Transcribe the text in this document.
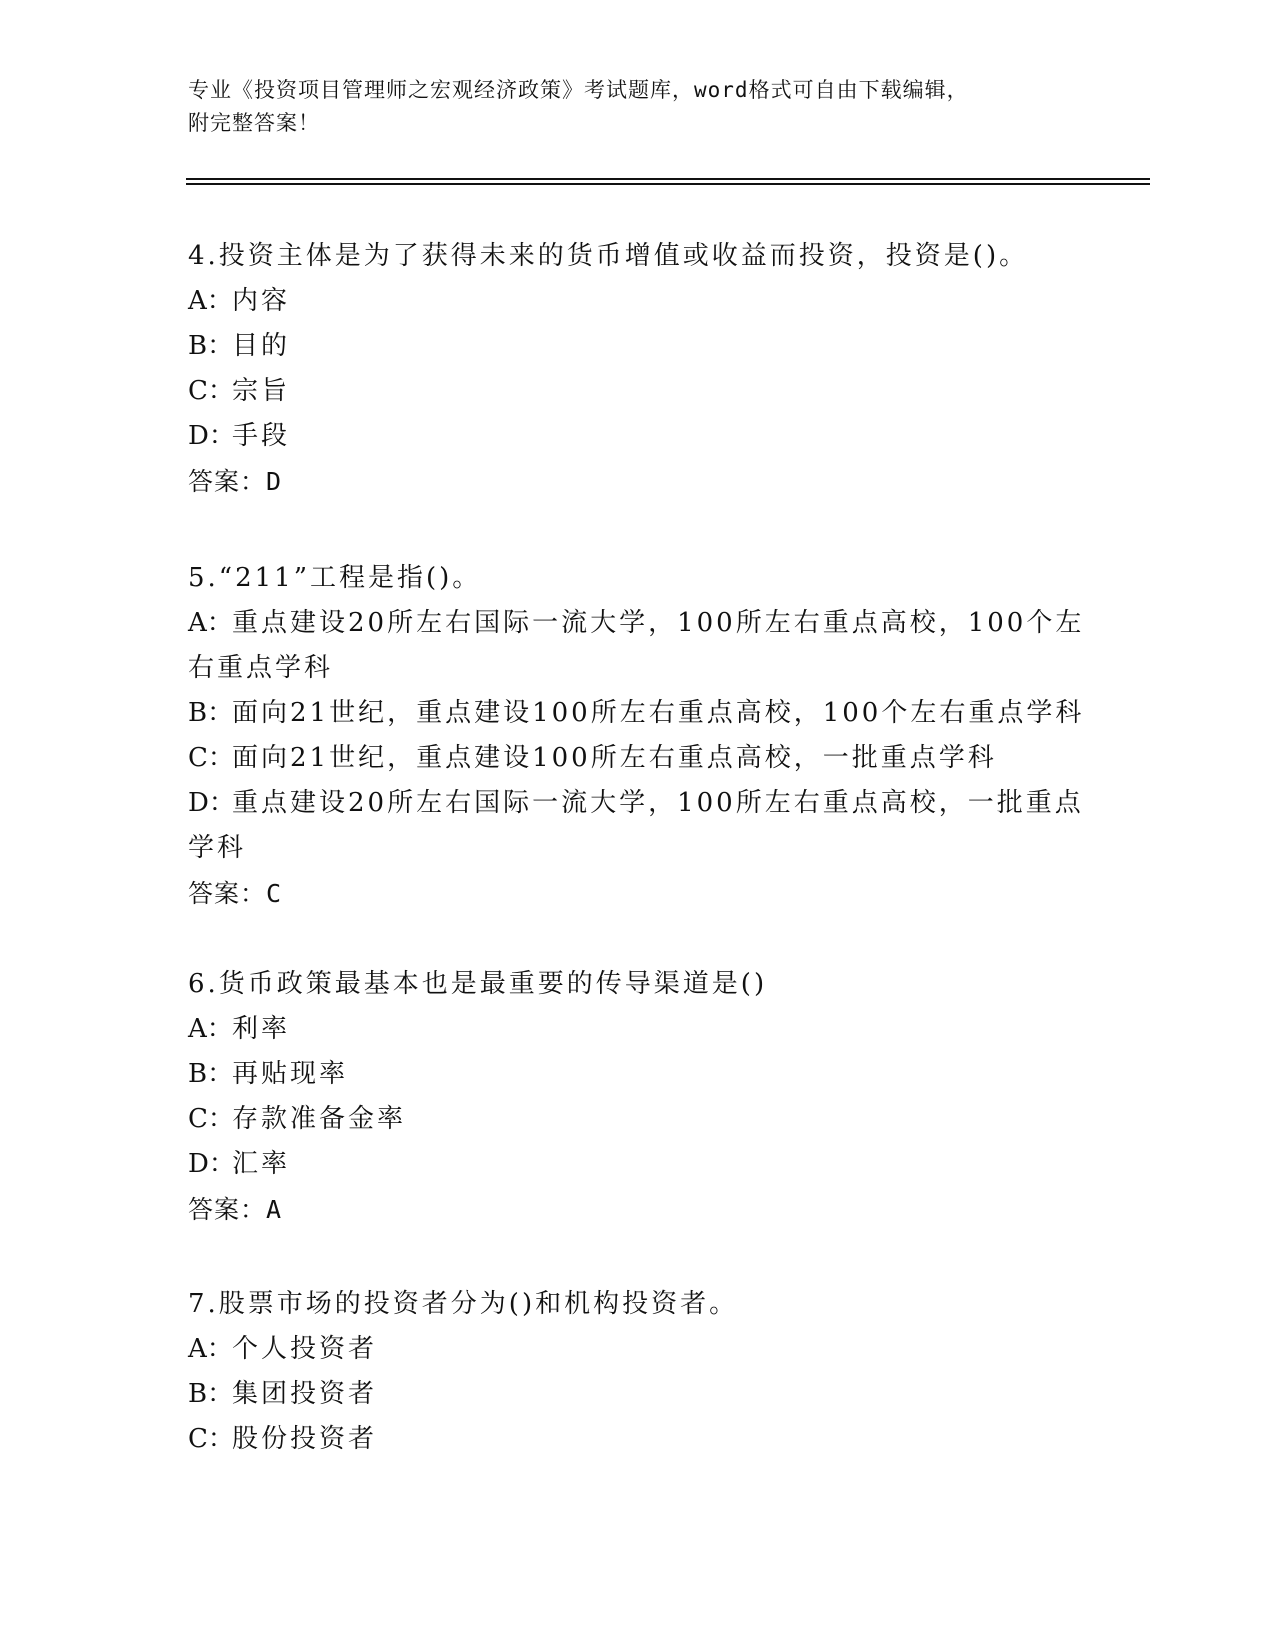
专业《投资项目管理师之宏观经济政策》考试题库，word格式可自由下载编辑，
附完整答案！
4.投资主体是为了获得未来的货币增值或收益而投资，投资是()。
A：内容
B：目的
C：宗旨
D：手段
答案：D
5.“211”工程是指()。
A：重点建设20所左右国际一流大学，100所左右重点高校，100个左右重点学科
B：面向21世纪，重点建设100所左右重点高校，100个左右重点学科
C：面向21世纪，重点建设100所左右重点高校，一批重点学科
D：重点建设20所左右国际一流大学，100所左右重点高校，一批重点学科
答案：C
6.货币政策最基本也是最重要的传导渠道是()
A：利率
B：再贴现率
C：存款准备金率
D：汇率
答案：A
7.股票市场的投资者分为()和机构投资者。
A：个人投资者
B：集团投资者
C：股份投资者
